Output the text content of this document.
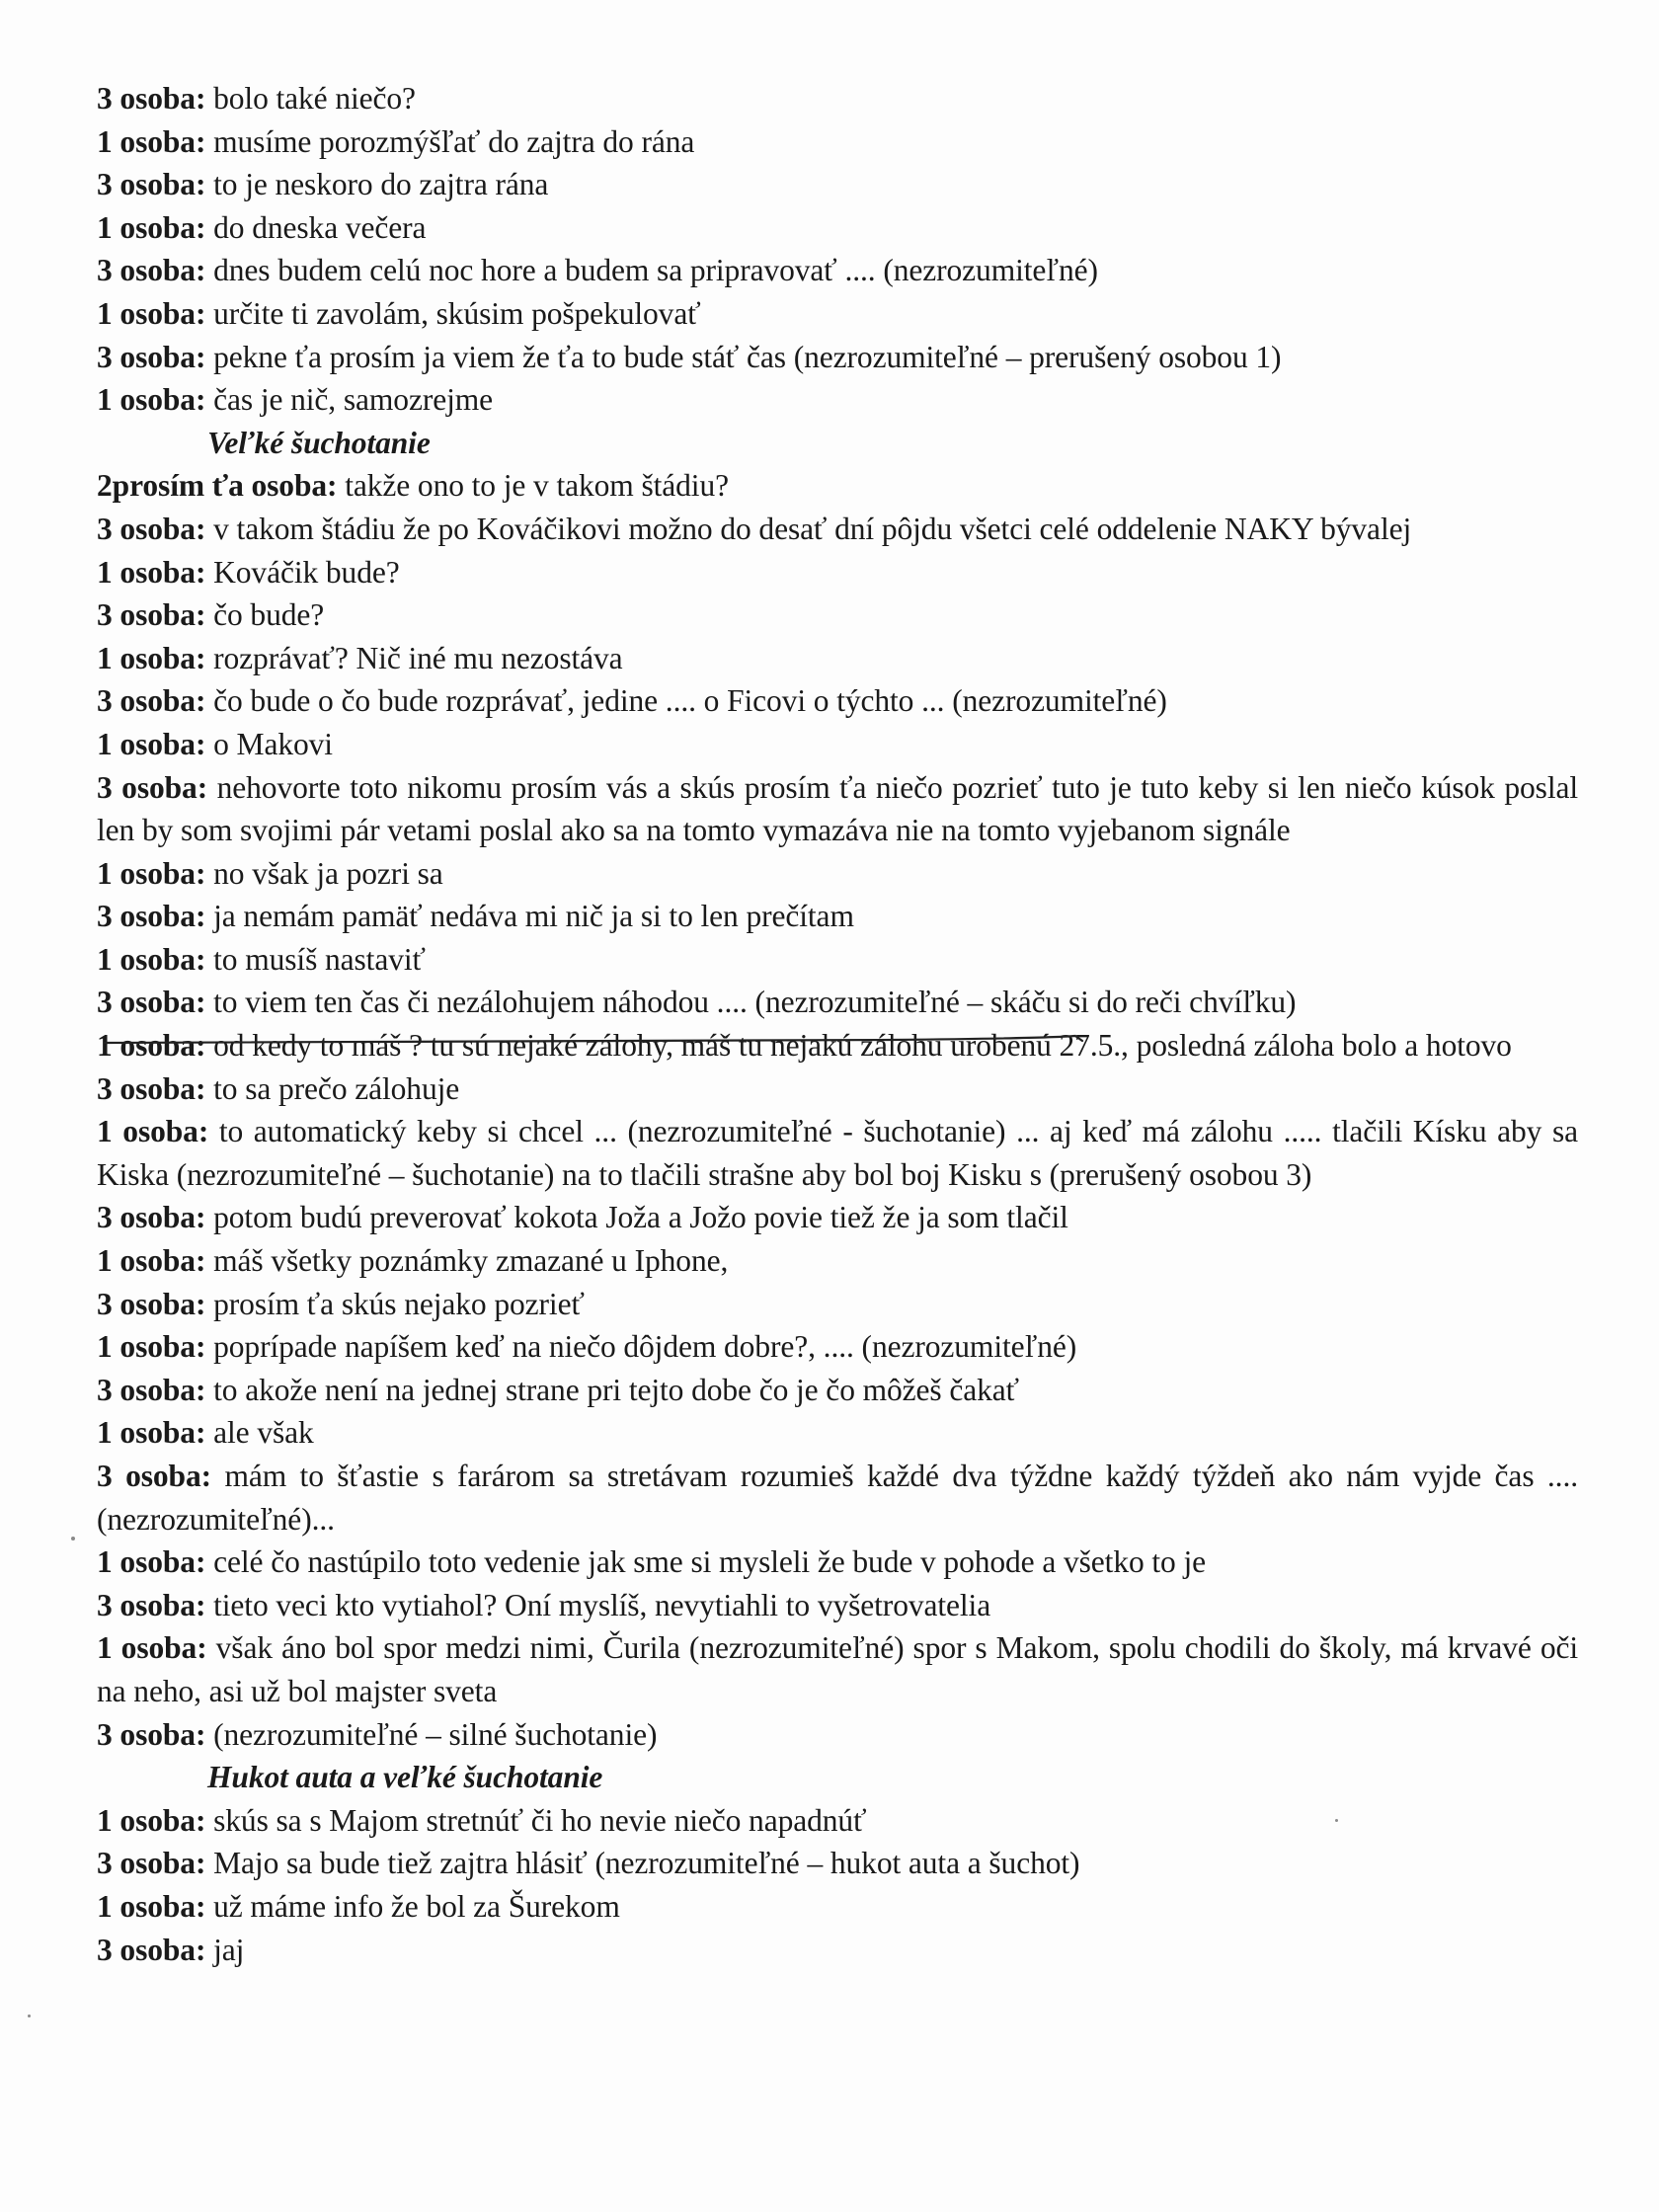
3 osoba: bolo také niečo?

1 osoba: musíme porozmýšľať do zajtra do rána

3 osoba: to je neskoro do zajtra rána

1 osoba: do dneska večera

3 osoba: dnes budem celú noc hore a budem sa pripravovať .... (nezrozumiteľné)

1 osoba: určite ti zavolám, skúsim pošpekulovať

3 osoba: pekne ťa prosím ja viem že ťa to bude stáť čas (nezrozumiteľné – prerušený osobou 1)

1 osoba: čas je nič, samozrejme

Veľké šuchotanie

2prosím ťa osoba: takže ono to je v takom štádiu?

3 osoba: v takom štádiu že po Kováčikovi možno do desať dní pôjdu všetci celé oddelenie NAKY bývalej

1 osoba: Kováčik bude?

3 osoba: čo bude?

1 osoba: rozprávať? Nič iné mu nezostáva

3 osoba: čo bude o čo bude rozprávať, jedine .... o Ficovi o týchto ... (nezrozumiteľné)

1 osoba: o Makovi

3 osoba: nehovorte toto nikomu prosím vás a skús prosím ťa niečo pozrieť tuto je tuto keby si len niečo kúsok poslal len by som svojimi pár vetami poslal ako sa na tomto vymazáva nie na tomto vyjebanom signále

1 osoba: no však ja pozri sa

3 osoba: ja nemám pamäť nedáva mi nič ja si to len prečítam

1 osoba: to musíš nastaviť

3 osoba: to viem ten čas či nezálohujem náhodou .... (nezrozumiteľné – skáču si do reči chvíľku)

1 osoba: od kedy to máš ? tu sú nejaké zálohy, máš tu nejakú zálohu urobenú 27.5., posledná záloha bolo a hotovo

3 osoba: to sa prečo zálohuje

1 osoba: to automatický keby si chcel ... (nezrozumiteľné - šuchotanie) ... aj keď má zálohu ..... tlačili Kísku aby sa Kiska (nezrozumiteľné – šuchotanie) na to tlačili strašne aby bol boj Kisku s (prerušený osobou 3)

3 osoba: potom budú preverovať kokota Joža a Jožo povie tiež že ja som tlačil

1 osoba: máš všetky poznámky zmazané u Iphone,

3 osoba: prosím ťa skús nejako pozrieť

1 osoba: poprípade napíšem keď na niečo dôjdem dobre?, .... (nezrozumiteľné)

3 osoba: to akože není na jednej strane pri tejto dobe čo je čo môžeš čakať

1 osoba: ale však

3 osoba: mám to šťastie s farárom sa stretávam rozumieš každé dva týždne každý týždeň ako nám vyjde čas .... (nezrozumiteľné)...

1 osoba: celé čo nastúpilo toto vedenie jak sme si mysleli že bude v pohode a všetko to je

3 osoba: tieto veci kto vytiahol? Oní myslíš, nevytiahli to vyšetrovatelia

1 osoba: však áno bol spor medzi nimi, Čurila (nezrozumiteľné) spor s Makom, spolu chodili do školy, má krvavé oči na neho, asi už bol majster sveta

3 osoba: (nezrozumiteľné – silné šuchotanie)

Hukot auta a veľké šuchotanie

1 osoba: skús sa s Majom stretnúť či ho nevie niečo napadnúť

3 osoba: Majo sa bude tiež zajtra hlásiť (nezrozumiteľné – hukot auta a šuchot)

1 osoba: už máme info že bol za Šurekom

3 osoba: jaj
